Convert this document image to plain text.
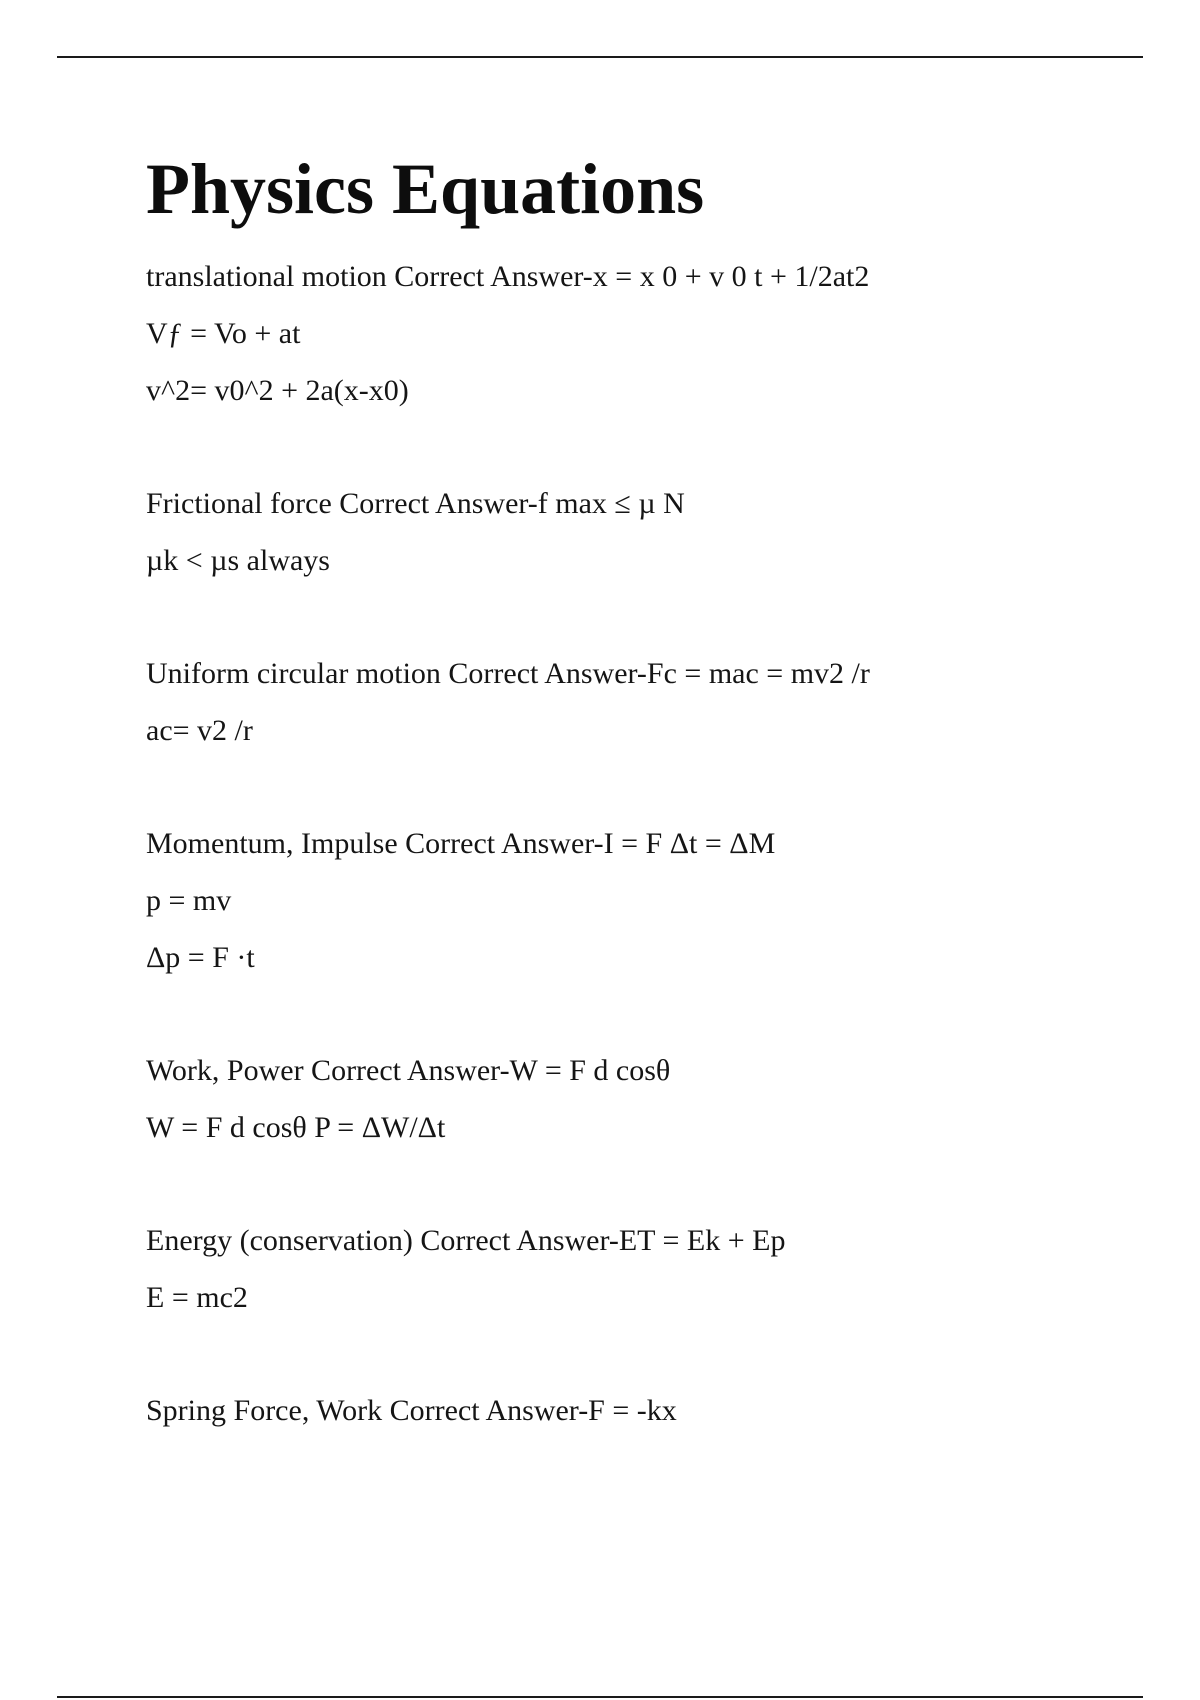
Physics Equations
translational motion Correct Answer-x = x 0 + v 0 t + 1/2at2
Vƒ = Vo + at
v^2= v0^2 + 2a(x-x0)
Frictional force Correct Answer-f max ≤ µ N
µk < µs always
Uniform circular motion Correct Answer-Fc = mac = mv2 /r
ac= v2 /r
Momentum, Impulse Correct Answer-I = F Δt = ΔM
p = mv
Δp = F ·t
Work, Power Correct Answer-W = F d cosθ
W = F d cosθ P = ΔW/Δt
Energy (conservation) Correct Answer-ET = Ek + Ep
E = mc2
Spring Force, Work Correct Answer-F = -kx
